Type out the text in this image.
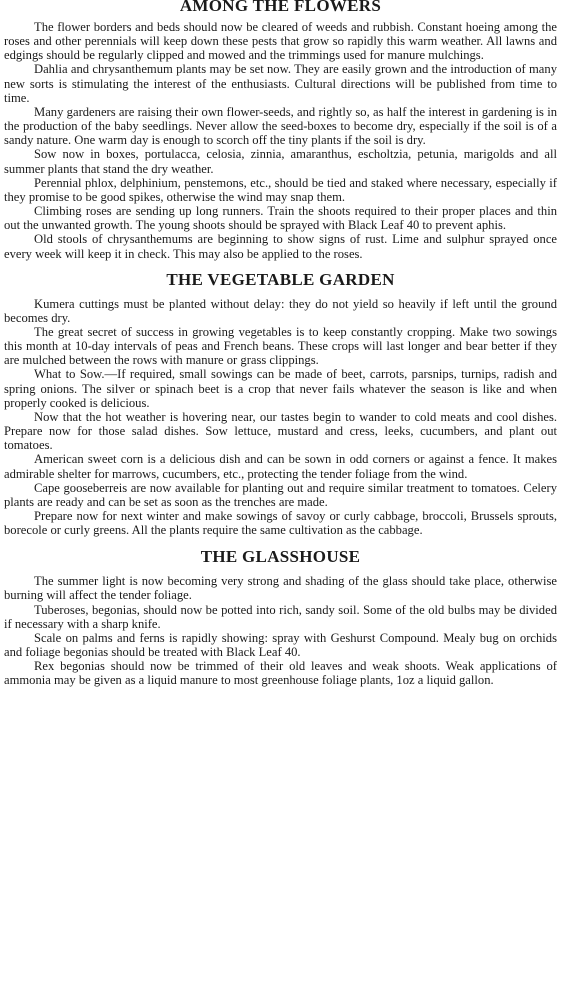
AMONG THE FLOWERS

The flower borders and beds should now be cleared of weeds and rubbish. Constant hoeing among the roses and other perennials will keep down these pests that grow so rapidly this warm weather. All lawns and edgings should be regularly clipped and mowed and the trimmings used for manure mulchings.

Dahlia and chrysanthemum plants may be set now. They are easily grown and the introduction of many new sorts is stimulating the interest of the enthusiasts. Cultural directions will be published from time to time.

Many gardeners are raising their own flower-seeds, and rightly so, as half the interest in gardening is in the production of the baby seedlings. Never allow the seed-boxes to become dry, especially if the soil is of a sandy nature. One warm day is enough to scorch off the tiny plants if the soil is dry.

Sow now in boxes, portulacca, celosia, zinnia, amaranthus, escholtzia, petunia, marigolds and all summer plants that stand the dry weather.

Perennial phlox, delphinium, penstemons, etc., should be tied and staked where necessary, especially if they promise to be good spikes, otherwise the wind may snap them.

Climbing roses are sending up long runners. Train the shoots required to their proper places and thin out the unwanted growth. The young shoots should be sprayed with Black Leaf 40 to prevent aphis.

Old stools of chrysanthemums are beginning to show signs of rust. Lime and sulphur sprayed once every week will keep it in check. This may also be applied to the roses.

THE VEGETABLE GARDEN

Kumera cuttings must be planted without delay: they do not yield so heavily if left until the ground becomes dry.

The great secret of success in growing vegetables is to keep constantly cropping. Make two sowings this month at 10-day intervals of peas and French beans. These crops will last longer and bear better if they are mulched between the rows with manure or grass clippings.

What to Sow.—If required, small sowings can be made of beet, carrots, parsnips, turnips, radish and spring onions. The silver or spinach beet is a crop that never fails whatever the season is like and when properly cooked is delicious.

Now that the hot weather is hovering near, our tastes begin to wander to cold meats and cool dishes. Prepare now for those salad dishes. Sow lettuce, mustard and cress, leeks, cucumbers, and plant out tomatoes.

American sweet corn is a delicious dish and can be sown in odd corners or against a fence. It makes admirable shelter for marrows, cucumbers, etc., protecting the tender foliage from the wind.

Cape gooseberreis are now available for planting out and require similar treatment to tomatoes. Celery plants are ready and can be set as soon as the trenches are made.

Prepare now for next winter and make sowings of savoy or curly cabbage, broccoli, Brussels sprouts, borecole or curly greens. All the plants require the same cultivation as the cabbage.

THE GLASSHOUSE

The summer light is now becoming very strong and shading of the glass should take place, otherwise burning will affect the tender foliage.

Tuberoses, begonias, should now be potted into rich, sandy soil. Some of the old bulbs may be divided if necessary with a sharp knife.

Scale on palms and ferns is rapidly showing: spray with Geshurst Compound. Mealy bug on orchids and foliage begonias should be treated with Black Leaf 40.

Rex begonias should now be trimmed of their old leaves and weak shoots. Weak applications of ammonia may be given as a liquid manure to most greenhouse foliage plants, 1oz a liquid gallon.
